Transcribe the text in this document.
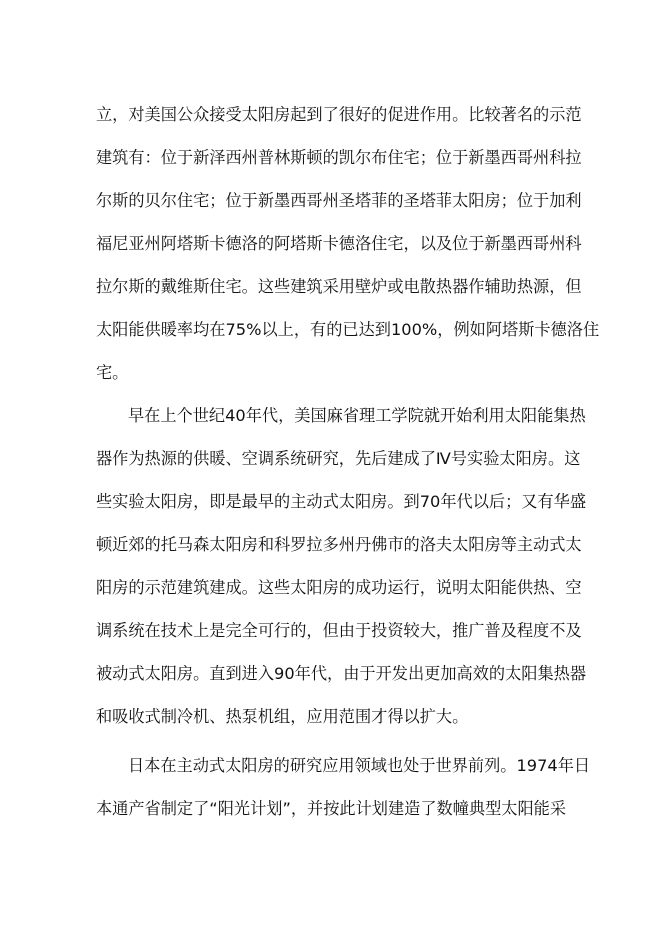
立，对美国公众接受太阳房起到了很好的促进作用。比较著名的示范
建筑有：位于新泽西州普林斯顿的凯尔布住宅；位于新墨西哥州科拉
尔斯的贝尔住宅；位于新墨西哥州圣塔菲的圣塔菲太阳房；位于加利
福尼亚州阿塔斯卡德洛的阿塔斯卡德洛住宅，以及位于新墨西哥州科
拉尔斯的戴维斯住宅。这些建筑采用壁炉或电散热器作辅助热源，但
太阳能供暖率均在75%以上，有的已达到100%，例如阿塔斯卡德洛住
宅。
早在上个世纪40年代，美国麻省理工学院就开始利用太阳能集热
器作为热源的供暖、空调系统研究，先后建成了Ⅳ号实验太阳房。这
些实验太阳房，即是最早的主动式太阳房。到70年代以后；又有华盛
顿近郊的托马森太阳房和科罗拉多州丹佛市的洛夫太阳房等主动式太
阳房的示范建筑建成。这些太阳房的成功运行，说明太阳能供热、空
调系统在技术上是完全可行的，但由于投资较大，推广普及程度不及
被动式太阳房。直到进入90年代，由于开发出更加高效的太阳集热器
和吸收式制冷机、热泵机组，应用范围才得以扩大。
日本在主动式太阳房的研究应用领域也处于世界前列。1974年日
本通产省制定了“阳光计划”，并按此计划建造了数幢典型太阳能采
